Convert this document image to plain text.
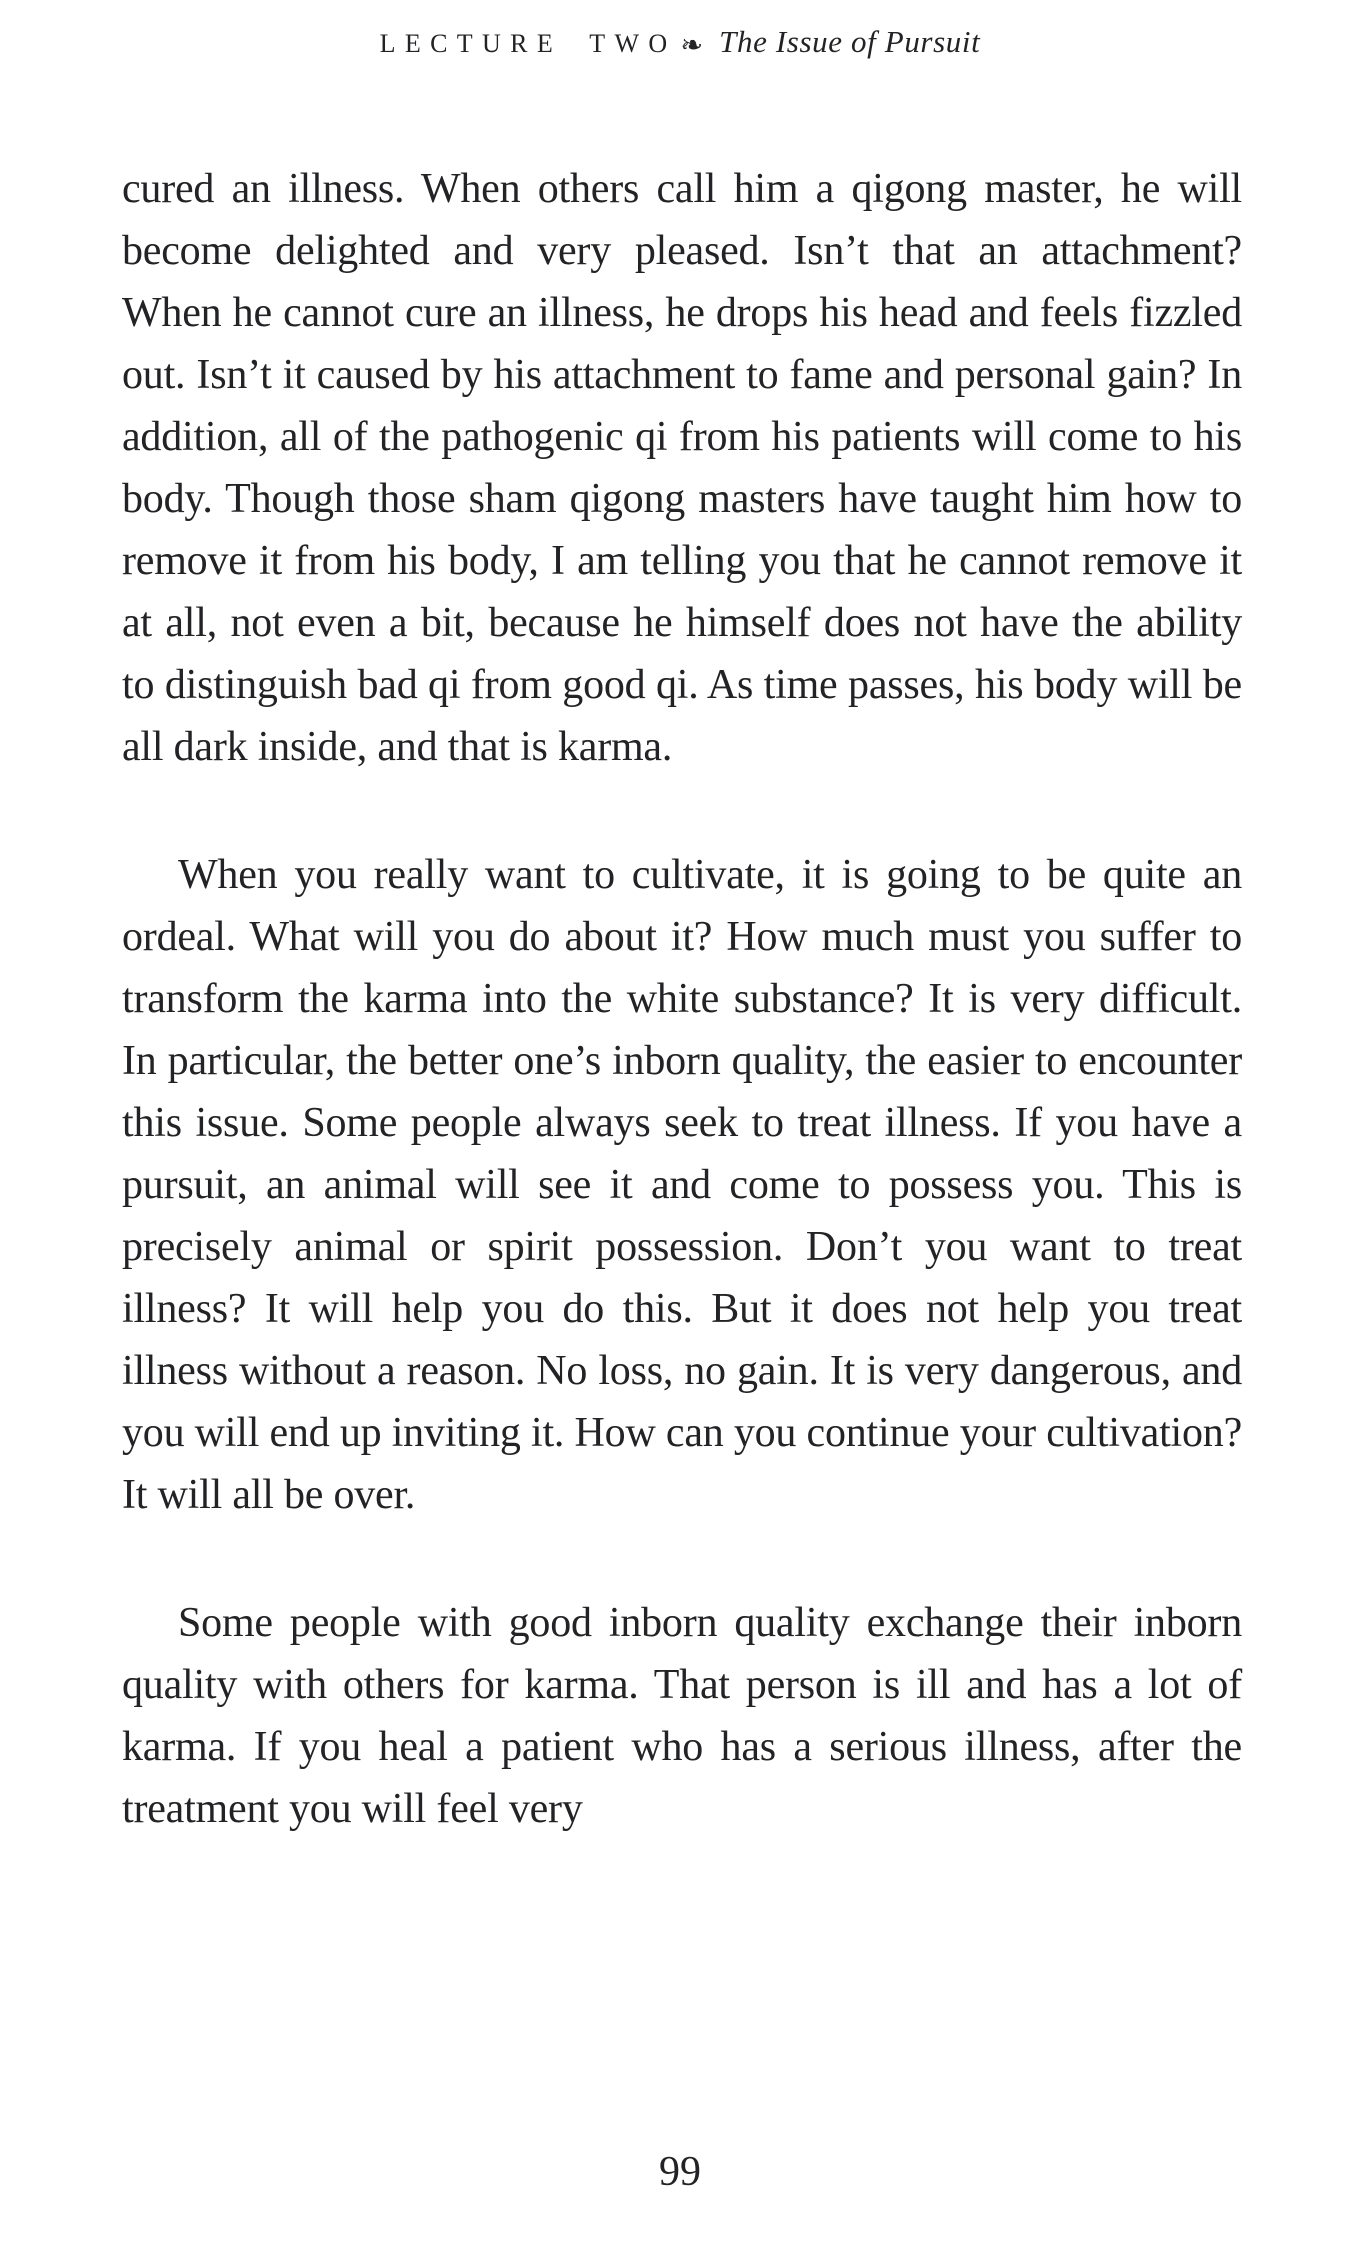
LECTURE TWO ❧ The Issue of Pursuit

cured an illness. When others call him a qigong master, he will become delighted and very pleased. Isn’t that an attachment? When he cannot cure an illness, he drops his head and feels fizzled out. Isn’t it caused by his attachment to fame and personal gain? In addition, all of the pathogenic qi from his patients will come to his body. Though those sham qigong masters have taught him how to remove it from his body, I am telling you that he cannot remove it at all, not even a bit, because he himself does not have the ability to distinguish bad qi from good qi. As time passes, his body will be all dark inside, and that is karma.

When you really want to cultivate, it is going to be quite an ordeal. What will you do about it? How much must you suffer to transform the karma into the white substance? It is very difficult. In particular, the better one’s inborn quality, the easier to encounter this issue. Some people always seek to treat illness. If you have a pursuit, an animal will see it and come to possess you. This is precisely animal or spirit possession. Don’t you want to treat illness? It will help you do this. But it does not help you treat illness without a reason. No loss, no gain. It is very dangerous, and you will end up inviting it. How can you continue your cultivation? It will all be over.

Some people with good inborn quality exchange their inborn quality with others for karma. That person is ill and has a lot of karma. If you heal a patient who has a serious illness, after the treatment you will feel very

99
